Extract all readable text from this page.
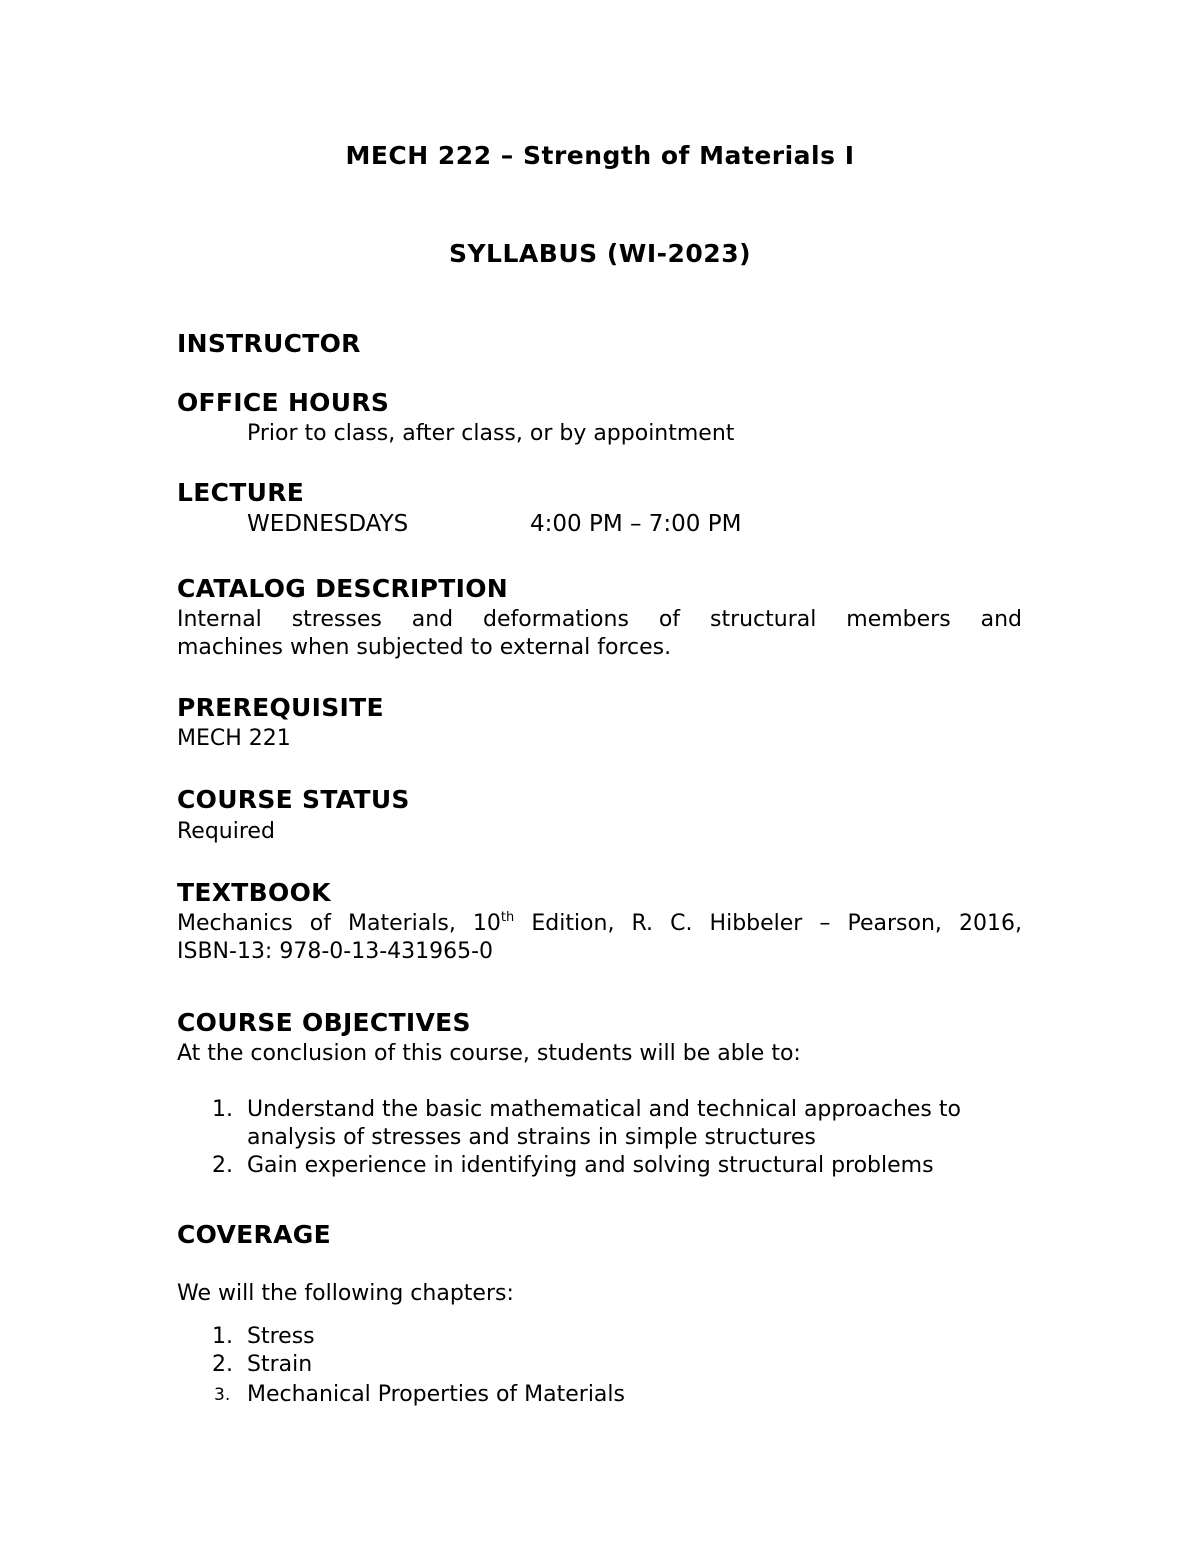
MECH 222 – Strength of Materials I
SYLLABUS (WI-2023)
INSTRUCTOR
OFFICE HOURS
Prior to class, after class, or by appointment
LECTURE
WEDNESDAYS	4:00 PM – 7:00 PM
CATALOG DESCRIPTION
Internal stresses and deformations of structural members and
machines when subjected to external forces.
PREREQUISITE
MECH 221
COURSE STATUS
Required
TEXTBOOK
Mechanics of Materials, 10th Edition, R. C. Hibbeler – Pearson, 2016,
ISBN-13: 978-0-13-431965-0
COURSE OBJECTIVES
At the conclusion of this course, students will be able to:
1. Understand the basic mathematical and technical approaches to
analysis of stresses and strains in simple structures
2. Gain experience in identifying and solving structural problems
COVERAGE
We will the following chapters:
1. Stress
2. Strain
3. Mechanical Properties of Materials
